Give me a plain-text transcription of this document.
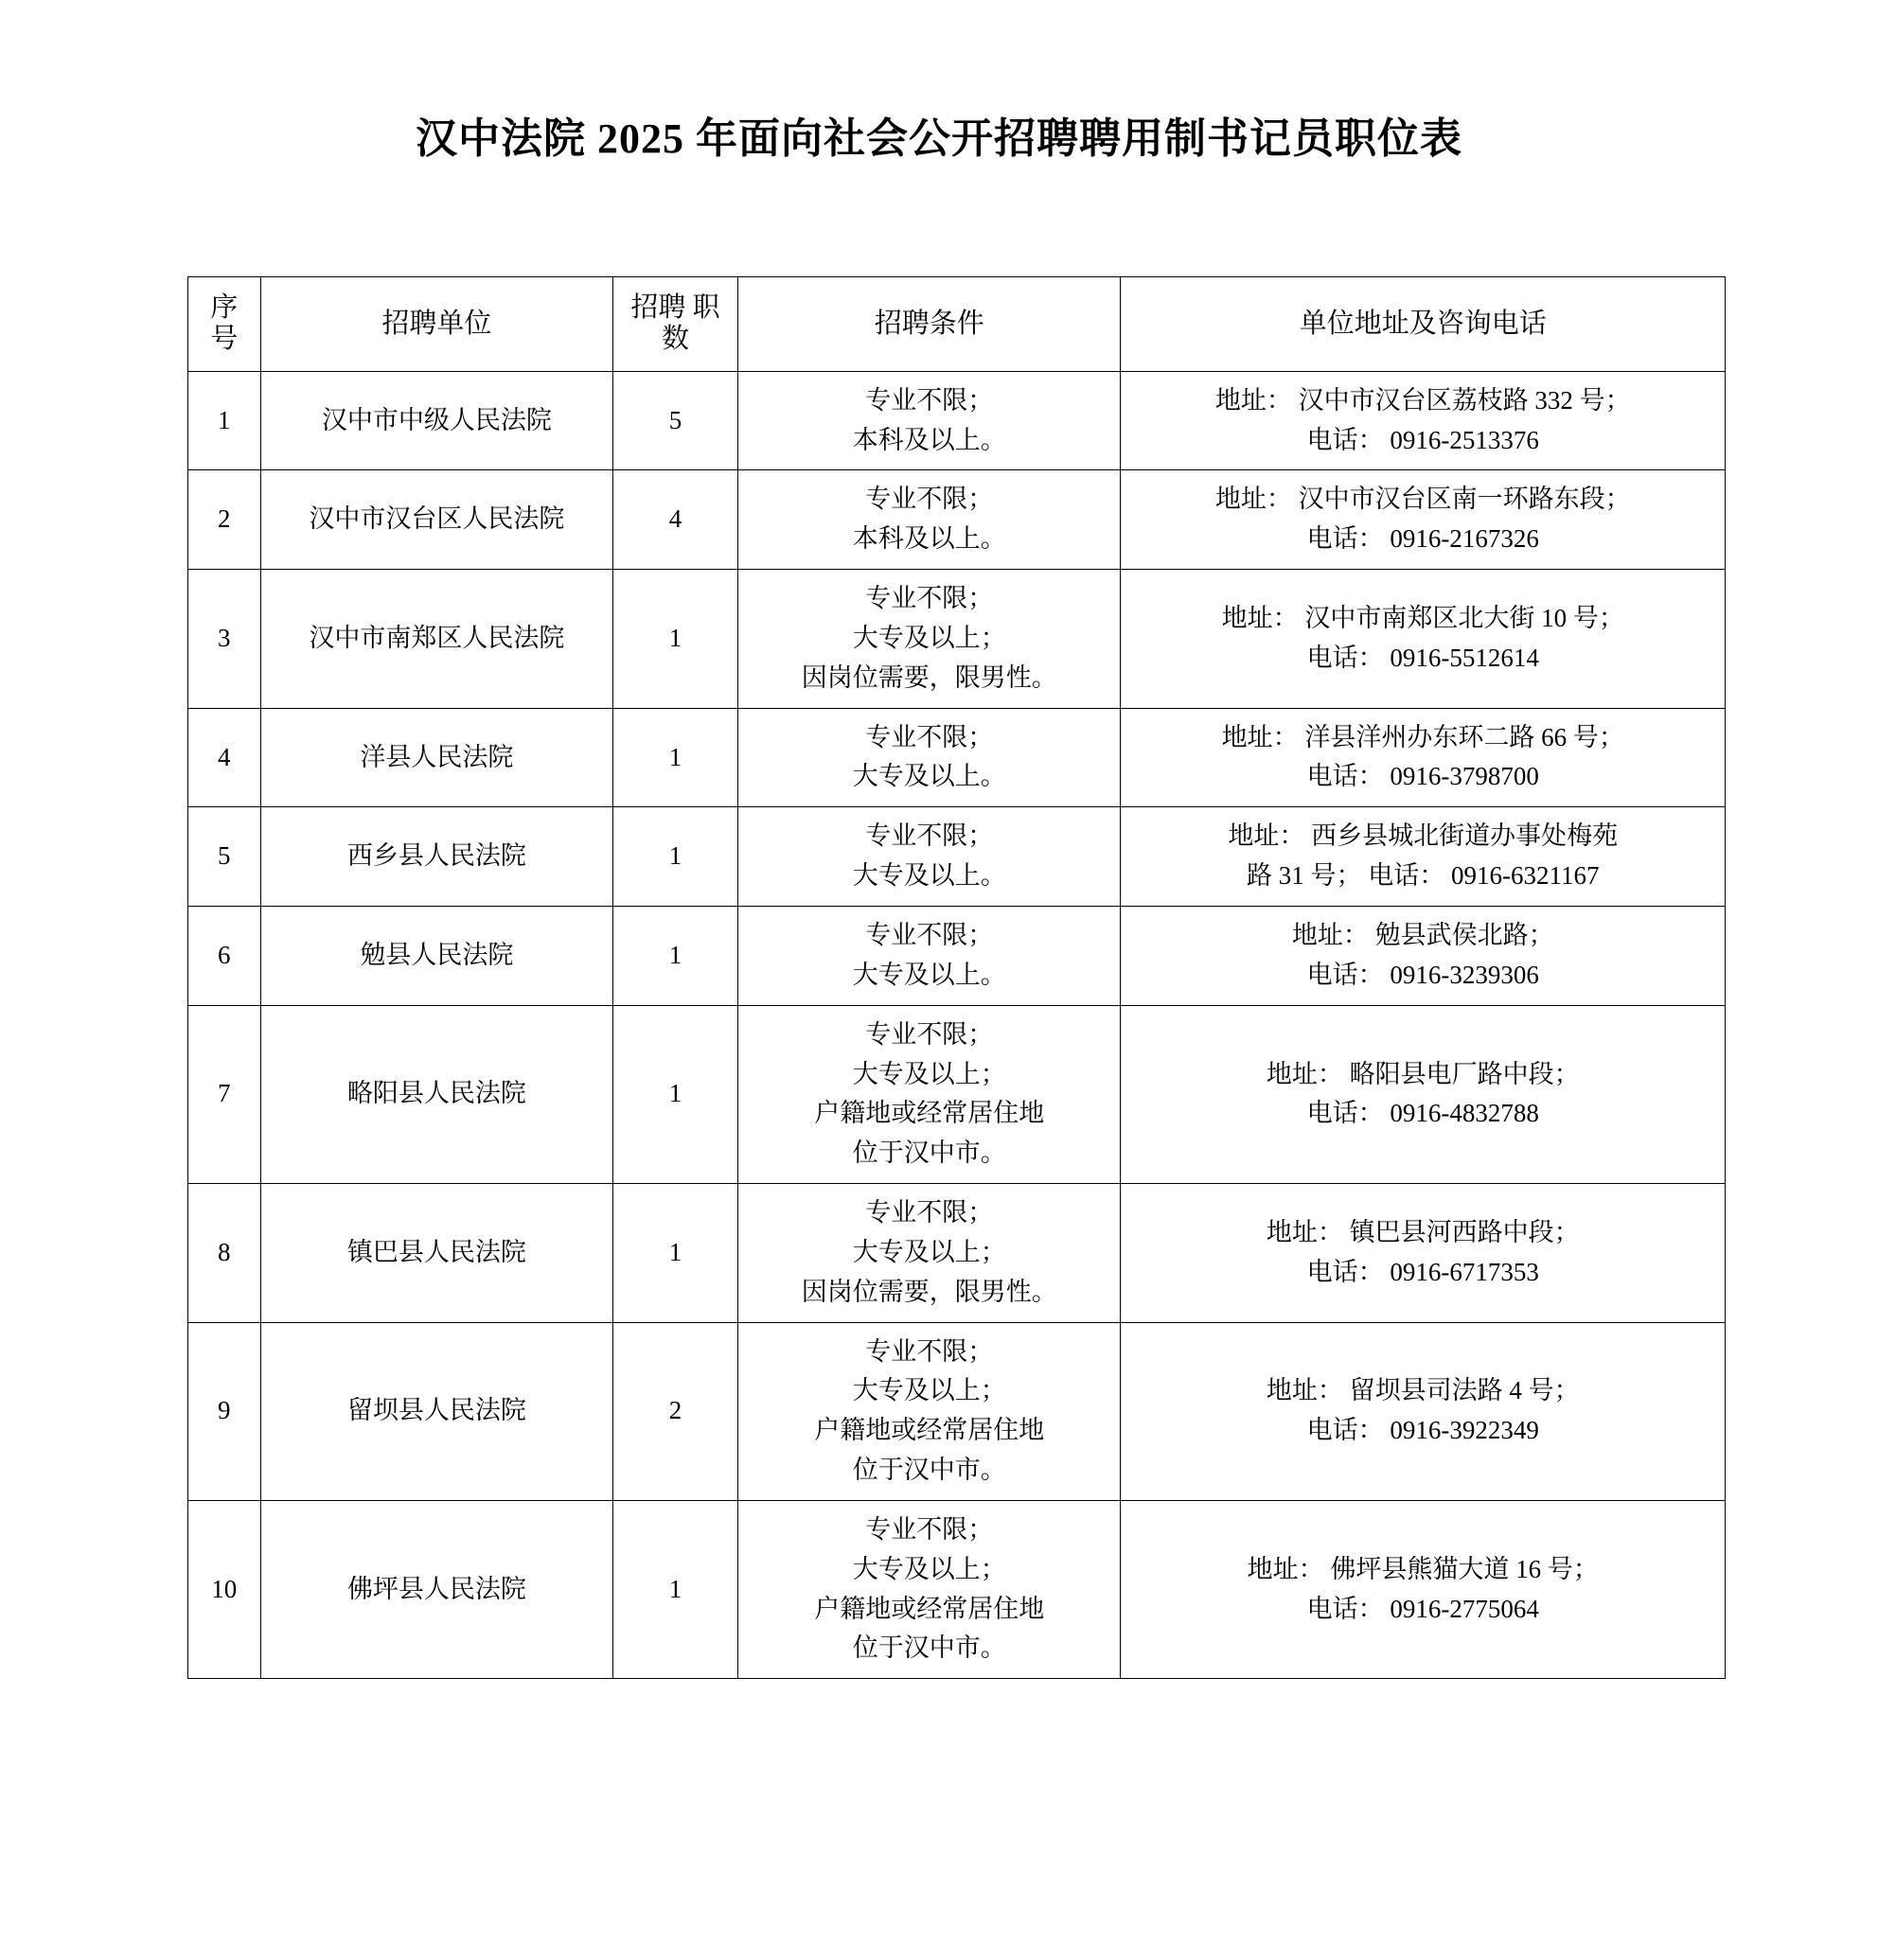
汉中法院 2025 年面向社会公开招聘聘用制书记员职位表
序 号	招聘单位	招聘 职数	招聘条件	单位地址及咨询电话
1	汉中市中级人民法院	5	专业不限；
本科及以上。	地址： 汉中市汉台区荔枝路 332 号；
电话： 0916-2513376

2	汉中市汉台区人民法院	4	专业不限；
本科及以上。	地址： 汉中市汉台区南一环路东段；
电话： 0916-2167326

3	汉中市南郑区人民法院	1	专业不限；
大专及以上；
因岗位需要，限男性。	地址： 汉中市南郑区北大街 10 号；
电话： 0916-5512614

4	洋县人民法院	1	专业不限；
大专及以上。	地址： 洋县洋州办东环二路 66 号；
电话： 0916-3798700

5	西乡县人民法院	1	专业不限；
大专及以上。	地址： 西乡县城北街道办事处梅苑
路 31 号； 电话： 0916-6321167

6	勉县人民法院	1	专业不限；
大专及以上。	地址： 勉县武侯北路；
电话： 0916-3239306

7	略阳县人民法院	1	专业不限；
大专及以上；
户籍地或经常居住地
位于汉中市。	地址： 略阳县电厂路中段；
电话： 0916-4832788

8	镇巴县人民法院	1	专业不限；
大专及以上；
因岗位需要，限男性。	地址： 镇巴县河西路中段；
电话： 0916-6717353

9	留坝县人民法院	2	专业不限；
大专及以上；
户籍地或经常居住地
位于汉中市。	地址： 留坝县司法路 4 号；
电话： 0916-3922349

10	佛坪县人民法院	1	专业不限；
大专及以上；
户籍地或经常居住地
位于汉中市。	地址： 佛坪县熊猫大道 16 号；
电话： 0916-2775064
